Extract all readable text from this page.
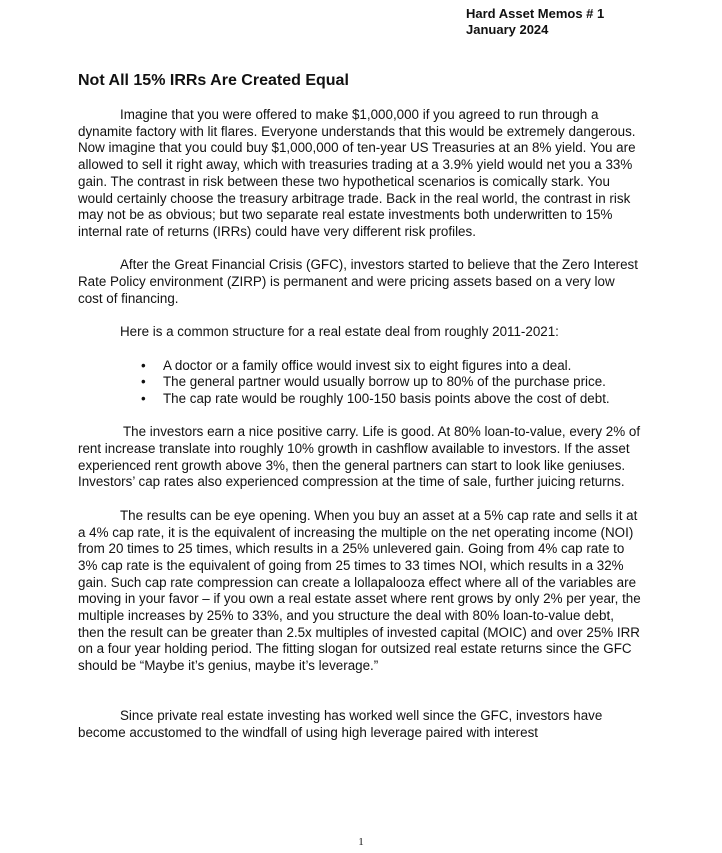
Hard Asset Memos # 1
January 2024
Not All 15% IRRs Are Created Equal

Imagine that you were offered to make $1,000,000 if you agreed to run through a dynamite factory with lit flares. Everyone understands that this would be extremely dangerous. Now imagine that you could buy $1,000,000 of ten-year US Treasuries at an 8% yield. You are allowed to sell it right away, which with treasuries trading at a 3.9% yield would net you a 33% gain. The contrast in risk between these two hypothetical scenarios is comically stark. You would certainly choose the treasury arbitrage trade. Back in the real world, the contrast in risk may not be as obvious; but two separate real estate investments both underwritten to 15% internal rate of returns (IRRs) could have very different risk profiles.

After the Great Financial Crisis (GFC), investors started to believe that the Zero Interest Rate Policy environment (ZIRP) is permanent and were pricing assets based on a very low cost of financing.

Here is a common structure for a real estate deal from roughly 2011-2021:

• A doctor or a family office would invest six to eight figures into a deal.
• The general partner would usually borrow up to 80% of the purchase price.
• The cap rate would be roughly 100-150 basis points above the cost of debt.

The investors earn a nice positive carry. Life is good. At 80% loan-to-value, every 2% of rent increase translate into roughly 10% growth in cashflow available to investors. If the asset experienced rent growth above 3%, then the general partners can start to look like geniuses. Investors’ cap rates also experienced compression at the time of sale, further juicing returns.

The results can be eye opening. When you buy an asset at a 5% cap rate and sells it at a 4% cap rate, it is the equivalent of increasing the multiple on the net operating income (NOI) from 20 times to 25 times, which results in a 25% unlevered gain. Going from 4% cap rate to 3% cap rate is the equivalent of going from 25 times to 33 times NOI, which results in a 32% gain. Such cap rate compression can create a lollapalooza effect where all of the variables are moving in your favor – if you own a real estate asset where rent grows by only 2% per year, the multiple increases by 25% to 33%, and you structure the deal with 80% loan-to-value debt, then the result can be greater than 2.5x multiples of invested capital (MOIC) and over 25% IRR on a four year holding period. The fitting slogan for outsized real estate returns since the GFC should be “Maybe it’s genius, maybe it’s leverage.”

Since private real estate investing has worked well since the GFC, investors have become accustomed to the windfall of using high leverage paired with interest

1
